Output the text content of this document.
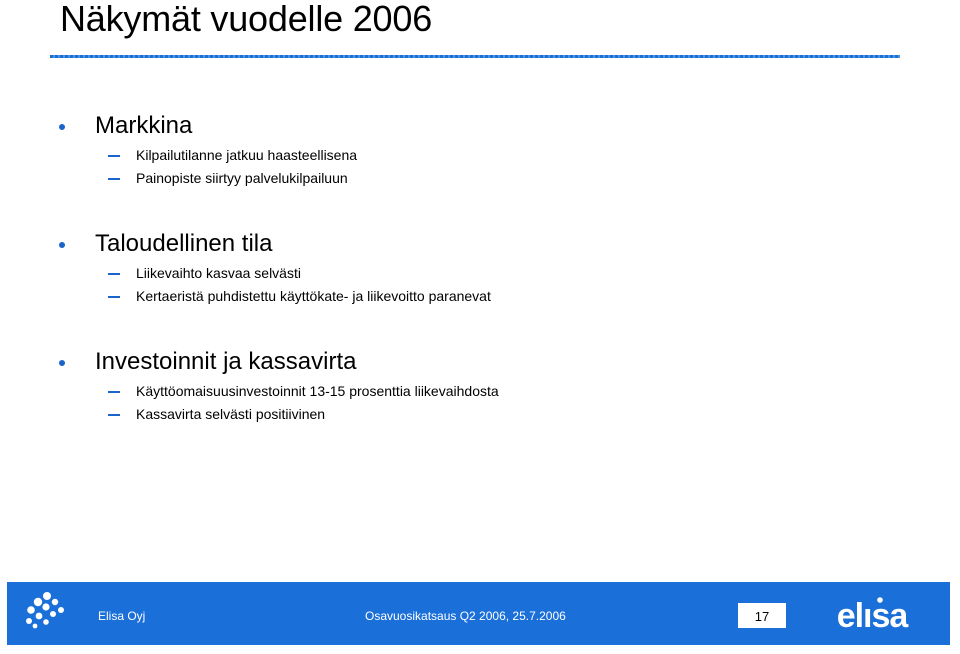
Näkymät vuodelle 2006
Markkina
Kilpailutilanne jatkuu haasteellisena
Painopiste siirtyy palvelukilpailuun
Taloudellinen tila
Liikevaihto kasvaa selvästi
Kertaeristä puhdistettu käyttökate- ja liikevoitto paranevat
Investoinnit ja kassavirta
Käyttöomaisuusinvestoinnit 13-15 prosenttia liikevaihdosta
Kassavirta selvästi positiivinen
Elisa Oyj	Osavuosikatsaus Q2 2006, 25.7.2006	17	elısa
